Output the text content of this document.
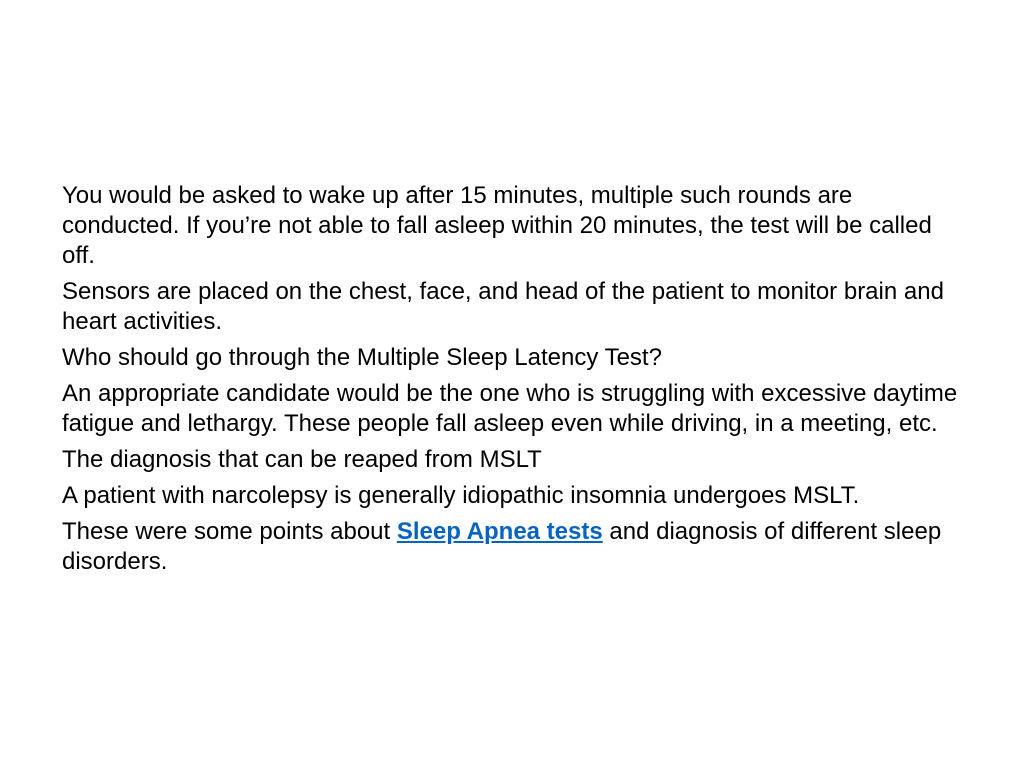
You would be asked to wake up after 15 minutes, multiple such rounds are conducted. If you’re not able to fall asleep within 20 minutes, the test will be called off.

Sensors are placed on the chest, face, and head of the patient to monitor brain and heart activities.

Who should go through the Multiple Sleep Latency Test?

An appropriate candidate would be the one who is struggling with excessive daytime fatigue and lethargy. These people fall asleep even while driving, in a meeting, etc.

The diagnosis that can be reaped from MSLT

A patient with narcolepsy is generally idiopathic insomnia undergoes MSLT.

These were some points about Sleep Apnea tests and diagnosis of different sleep disorders.
